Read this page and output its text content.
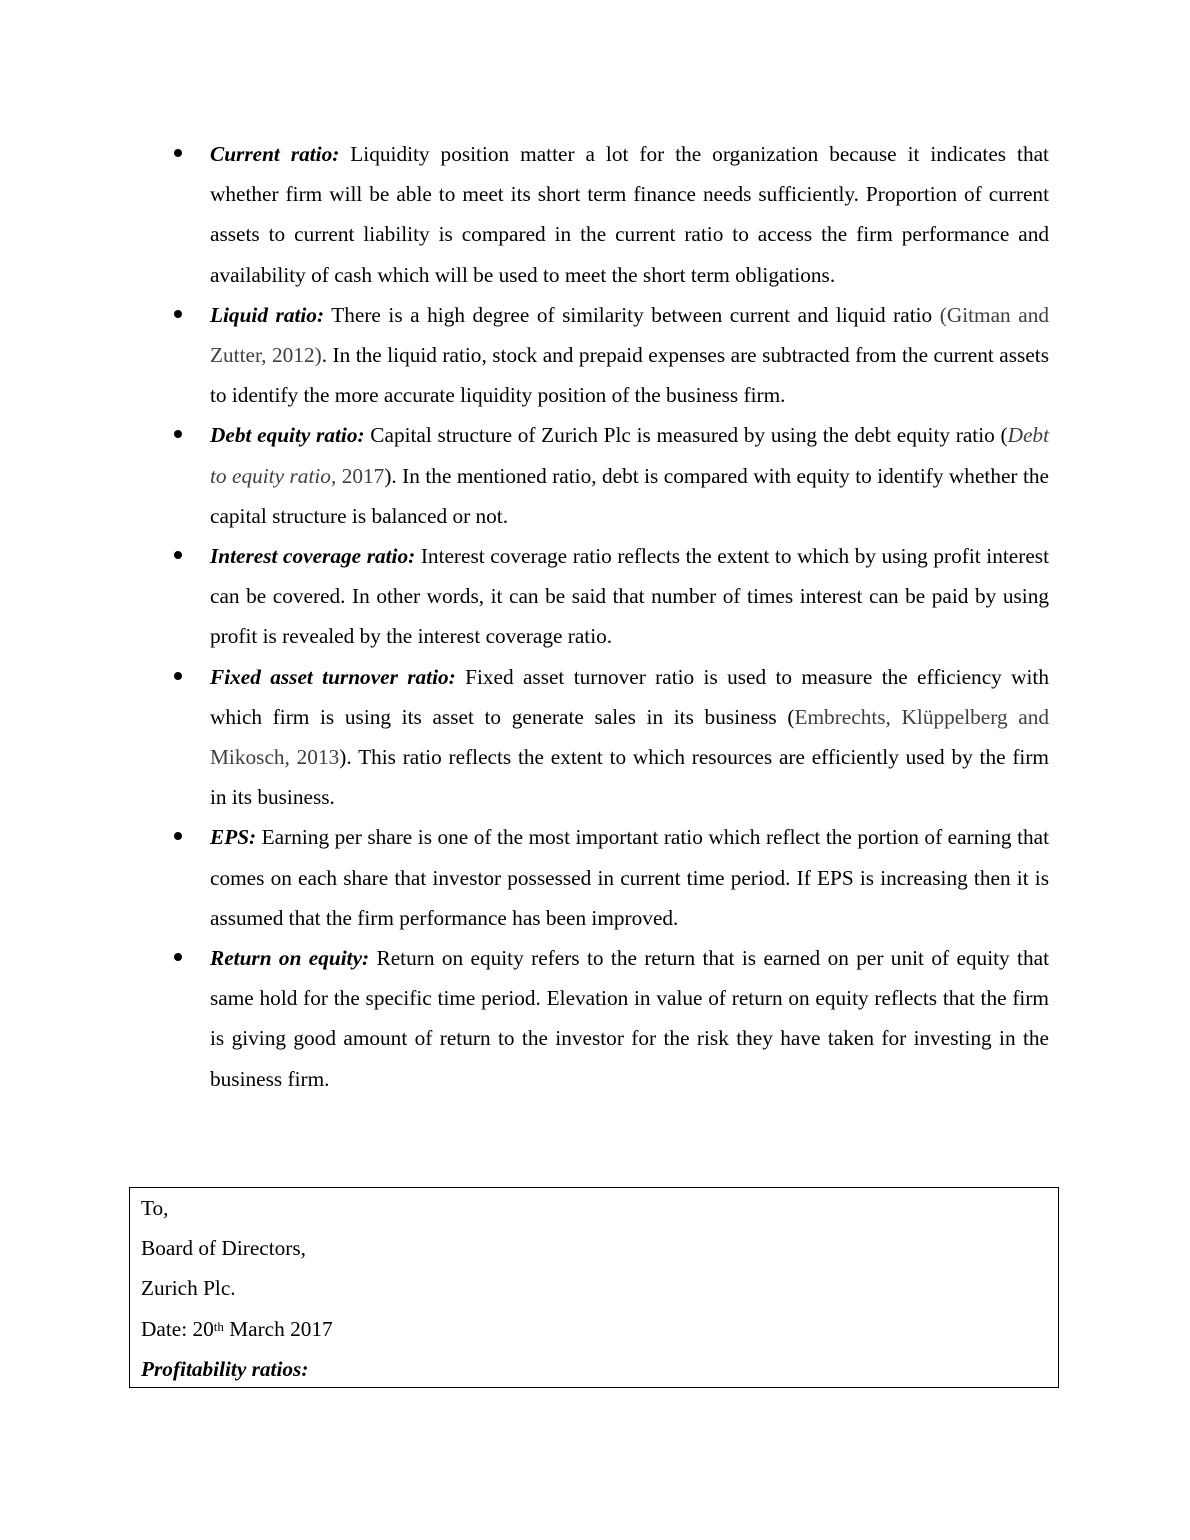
Current ratio: Liquidity position matter a lot for the organization because it indicates that whether firm will be able to meet its short term finance needs sufficiently. Proportion of current assets to current liability is compared in the current ratio to access the firm performance and availability of cash which will be used to meet the short term obligations.
Liquid ratio: There is a high degree of similarity between current and liquid ratio (Gitman and Zutter, 2012). In the liquid ratio, stock and prepaid expenses are subtracted from the current assets to identify the more accurate liquidity position of the business firm.
Debt equity ratio: Capital structure of Zurich Plc is measured by using the debt equity ratio (Debt to equity ratio, 2017). In the mentioned ratio, debt is compared with equity to identify whether the capital structure is balanced or not.
Interest coverage ratio: Interest coverage ratio reflects the extent to which by using profit interest can be covered. In other words, it can be said that number of times interest can be paid by using profit is revealed by the interest coverage ratio.
Fixed asset turnover ratio: Fixed asset turnover ratio is used to measure the efficiency with which firm is using its asset to generate sales in its business (Embrechts, Klüppelberg and Mikosch, 2013). This ratio reflects the extent to which resources are efficiently used by the firm in its business.
EPS: Earning per share is one of the most important ratio which reflect the portion of earning that comes on each share that investor possessed in current time period. If EPS is increasing then it is assumed that the firm performance has been improved.
Return on equity: Return on equity refers to the return that is earned on per unit of equity that same hold for the specific time period. Elevation in value of return on equity reflects that the firm is giving good amount of return to the investor for the risk they have taken for investing in the business firm.

To,

Board of Directors,

Zurich Plc.

Date: 20th March 2017

Profitability ratios:
